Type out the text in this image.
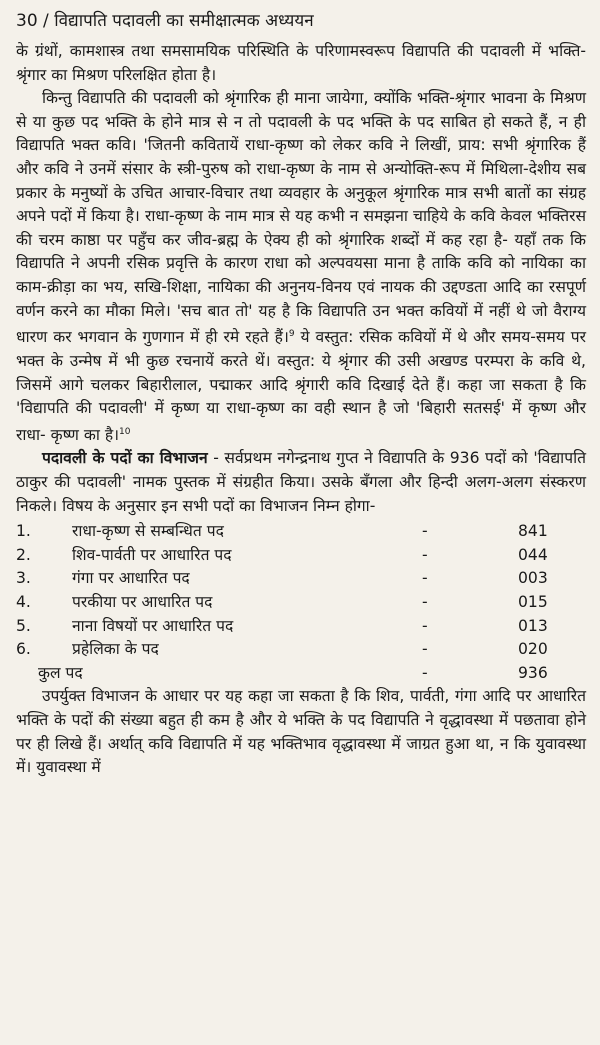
30 / विद्यापति पदावली का समीक्षात्मक अध्ययन

के ग्रंथों, कामशास्त्र तथा समसामयिक परिस्थिति के परिणामस्वरूप विद्यापति की पदावली में भक्ति-श्रृंगार का मिश्रण परिलक्षित होता है।

किन्तु विद्यापति की पदावली को श्रृंगारिक ही माना जायेगा, क्योंकि भक्ति-श्रृंगार भावना के मिश्रण से या कुछ पद भक्ति के होने मात्र से न तो पदावली के पद भक्ति के पद साबित हो सकते हैं, न ही विद्यापति भक्त कवि। 'जितनी कवितायें राधा-कृष्ण को लेकर कवि ने लिखीं, प्राय: सभी श्रृंगारिक हैं और कवि ने उनमें संसार के स्त्री-पुरुष को राधा-कृष्ण के नाम से अन्योक्ति-रूप में मिथिला-देशीय सब प्रकार के मनुष्यों के उचित आचार-विचार तथा व्यवहार के अनुकूल श्रृंगारिक मात्र सभी बातों का संग्रह अपने पदों में किया है। राधा-कृष्ण के नाम मात्र से यह कभी न समझना चाहिये के कवि केवल भक्तिरस की चरम काष्ठा पर पहुँच कर जीव-ब्रह्म के ऐक्य ही को श्रृंगारिक शब्दों में कह रहा है- यहाँ तक कि विद्यापति ने अपनी रसिक प्रवृत्ति के कारण राधा को अल्पवयसा माना है ताकि कवि को नायिका का काम-क्रीड़ा का भय, सखि-शिक्षा, नायिका की अनुनय-विनय एवं नायक की उद्दण्डता आदि का रसपूर्ण वर्णन करने का मौका मिले। 'सच बात तो' यह है कि विद्यापति उन भक्त कवियों में नहीं थे जो वैराग्य धारण कर भगवान के गुणगान में ही रमे रहते हैं।$^9$ ये वस्तुत: रसिक कवियों में थे और समय-समय पर भक्त के उन्मेष में भी कुछ रचनायें करते थें। वस्तुत: ये श्रृंगार की उसी अखण्ड परम्परा के कवि थे, जिसमें आगे चलकर बिहारीलाल, पद्माकर आदि श्रृंगारी कवि दिखाई देते हैं। कहा जा सकता है कि 'विद्यापति की पदावली' में कृष्ण या राधा-कृष्ण का वही स्थान है जो 'बिहारी सतसई' में कृष्ण और राधा- कृष्ण का है।$^{10}$

पदावली के पदों का विभाजन - सर्वप्रथम नगेन्द्रनाथ गुप्त ने विद्यापति के 936 पदों को 'विद्यापति ठाकुर की पदावली' नामक पुस्तक में संग्रहीत किया। उसके बँगला और हिन्दी अलग-अलग संस्करण निकले। विषय के अनुसार इन सभी पदों का विभाजन निम्न होगा-

1.	राधा-कृष्ण से सम्बन्धित पद	-	841
2.	शिव-पार्वती पर आधारित पद	-	044
3.	गंगा पर आधारित पद	-	003
4.	परकीया पर आधारित पद	-	015
5.	नाना विषयों पर आधारित पद	-	013
6.	प्रहेलिका के पद	-	020
कुल पद	-	936

उपर्युक्त विभाजन के आधार पर यह कहा जा सकता है कि शिव, पार्वती, गंगा आदि पर आधारित भक्ति के पदों की संख्या बहुत ही कम है और ये भक्ति के पद विद्यापति ने वृद्धावस्था में पछतावा होने पर ही लिखे हैं। अर्थात् कवि विद्यापति में यह भक्तिभाव वृद्धावस्था में जाग्रत हुआ था, न कि युवावस्था में। युवावस्था में
